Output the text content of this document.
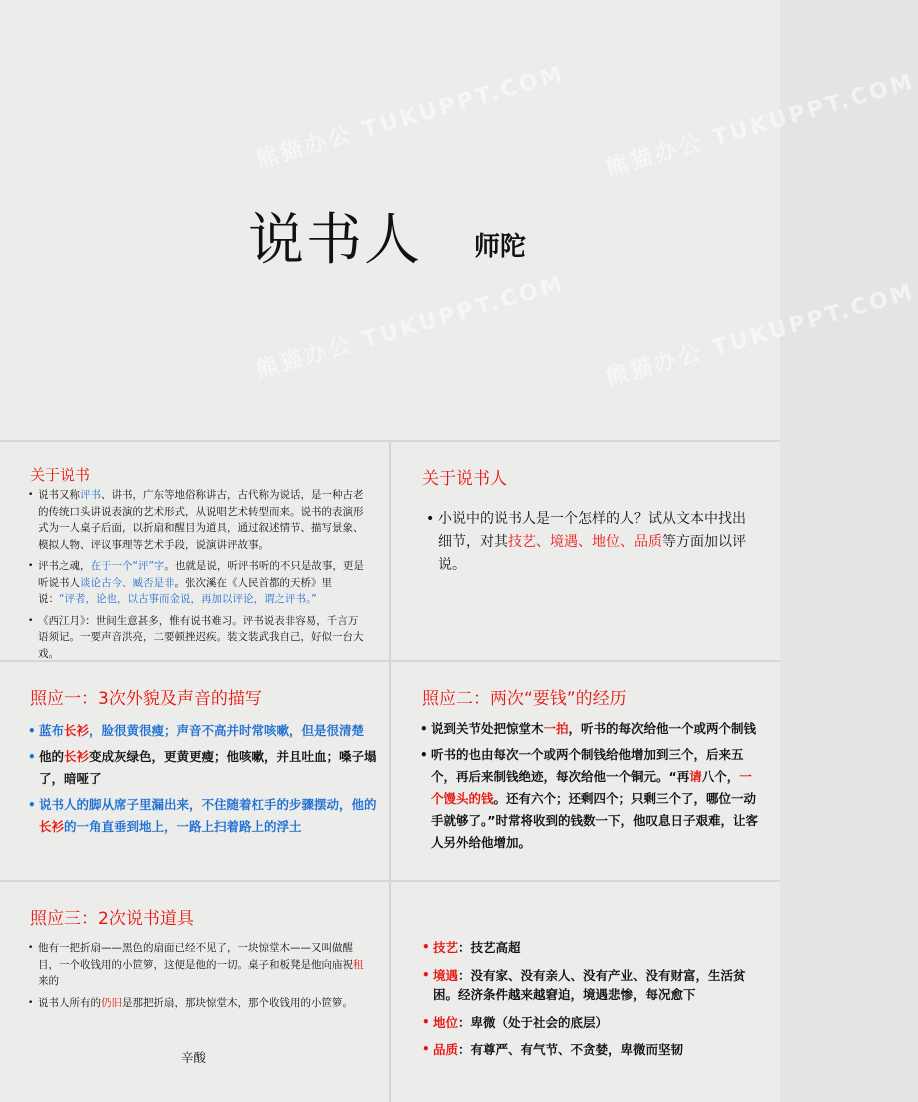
说书人 师陀
熊猫办公 TUKUPPT.COM
熊猫办公 TUKUPPT.COM
熊猫办公 TUKUPPT.COM
熊猫办公 TUKUPPT.COM
关于说书
• 说书又称评书、讲书，广东等地俗称讲古，古代称为说话，是一种古老的传统口头讲说表演的艺术形式，从说唱艺术转型而来。说书的表演形式为一人桌子后面，以折扇和醒目为道具，通过叙述情节、描写景象、模拟人物、评议事理等艺术手段，说演讲评故事。
• 评书之魂，在于一个“评”字。也就是说，听评书听的不只是故事，更是听说书人谈论古今、臧否是非。张次溪在《人民首都的天桥》里说：“评者，论也，以古事而金说，再加以评论，谓之评书。”
• 《西江月》：世间生意甚多，惟有说书难习。评书说表非容易，千言万语须记。一要声音洪亮，二要顿挫迟疾。装文装武我自己，好似一台大戏。
关于说书人
• 小说中的说书人是一个怎样的人？试从文本中找出细节，对其技艺、境遇、地位、品质等方面加以评说。
照应一：3次外貌及声音的描写
• 蓝布长衫，脸很黄很瘦；声音不高并时常咳嗽，但是很清楚
• 他的长衫变成灰绿色，更黄更瘦；他咳嗽，并且吐血；嗓子塌了，暗哑了
• 说书人的脚从席子里漏出来，不住随着杠手的步骤摆动，他的长衫的一角直垂到地上，一路上扫着路上的浮土
照应二：两次“要钱”的经历
• 说到关节处把惊堂木一拍，听书的每次给他一个或两个制钱
• 听书的也由每次一个或两个制钱给他增加到三个，后来五个，再后来制钱绝迹，每次给他一个铜元。“再请八个，一个馒头的钱。还有六个；还剩四个；只剩三个了，哪位一动手就够了。”时常将收到的钱数一下，他叹息日子艰难，让客人另外给他增加。
照应三：2次说书道具
• 他有一把折扇——黑色的扇面已经不见了，一块惊堂木——又叫做醒目，一个收钱用的小笸箩，这便是他的一切。桌子和板凳是他向庙祝租来的
• 说书人所有的仍旧是那把折扇，那块惊堂木，那个收钱用的小笸箩。
辛酸
• 技艺：技艺高超
• 境遇：没有家、没有亲人、没有产业、没有财富，生活贫困。经济条件越来越窘迫，境遇悲惨，每况愈下
• 地位：卑微（处于社会的底层）
• 品质：有尊严、有气节、不贪婪，卑微而坚韧
